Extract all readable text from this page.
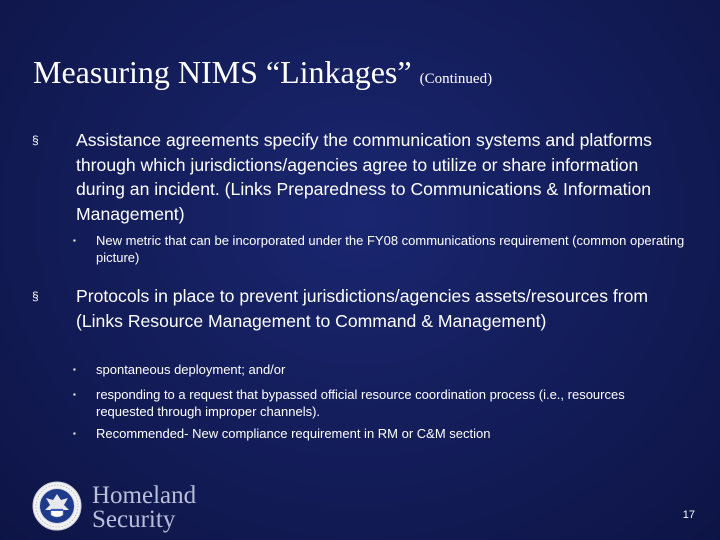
Measuring NIMS “Linkages” (Continued)
§ Assistance agreements specify the communication systems and platforms through which jurisdictions/agencies agree to utilize or share information during an incident. (Links Preparedness to Communications & Information Management)
▪ New metric that can be incorporated under the FY08 communications requirement (common operating picture)
§ Protocols in place to prevent jurisdictions/agencies assets/resources from (Links Resource Management to Command & Management)
▪ spontaneous deployment; and/or
▪ responding to a request that bypassed official resource coordination process (i.e., resources requested through improper channels).
▪ Recommended- New compliance requirement in RM or C&M section
Homeland
Security	17
